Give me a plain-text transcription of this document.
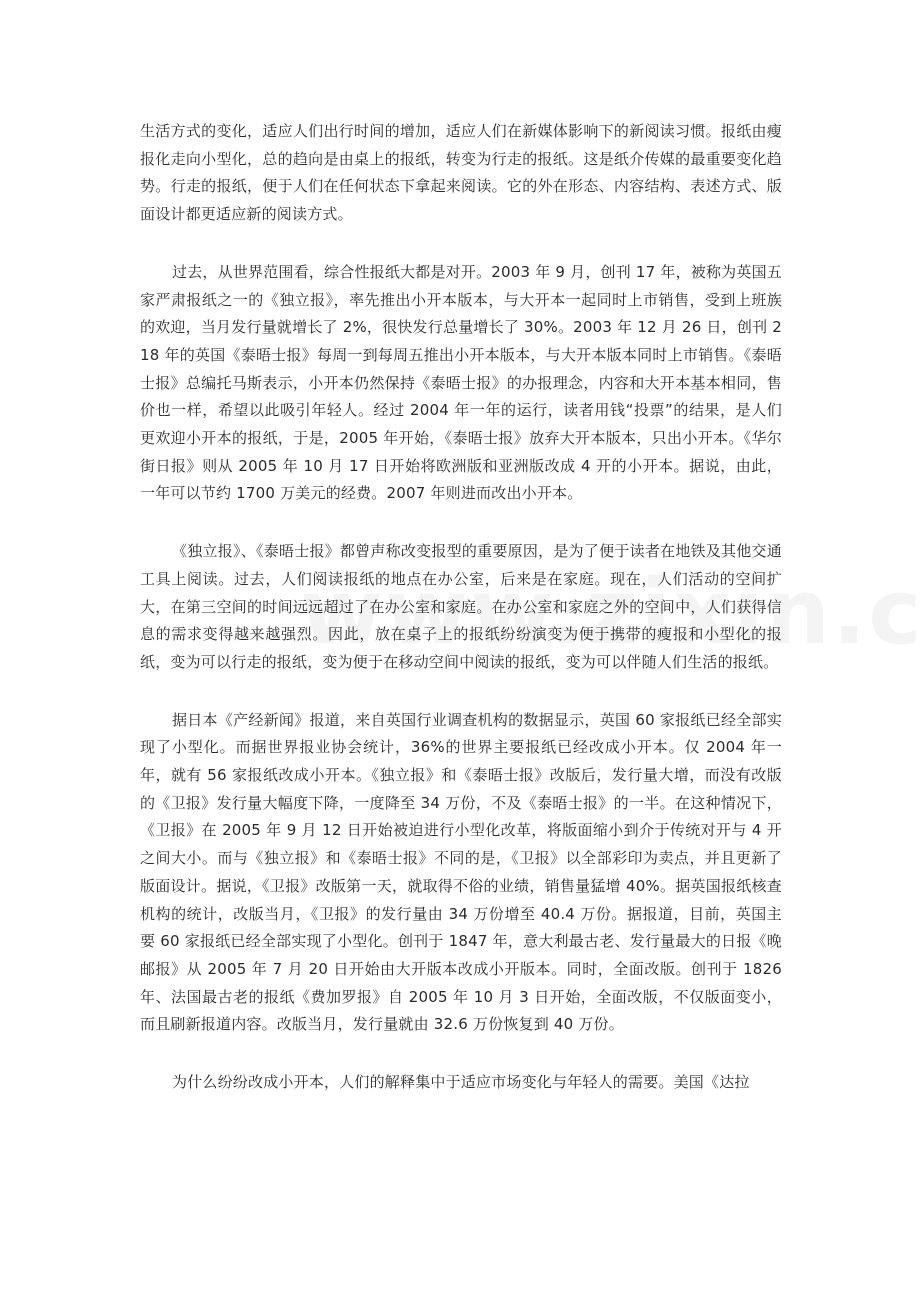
生活方式的变化，适应人们出行时间的增加，适应人们在新媒体影响下的新阅读习惯。报纸由瘦报化走向小型化，总的趋向是由桌上的报纸，转变为行走的报纸。这是纸介传媒的最重要变化趋势。行走的报纸，便于人们在任何状态下拿起来阅读。它的外在形态、内容结构、表述方式、版面设计都更适应新的阅读方式。

过去，从世界范围看，综合性报纸大都是对开。2003 年 9 月，创刊 17 年，被称为英国五家严肃报纸之一的《独立报》，率先推出小开本版本，与大开本一起同时上市销售，受到上班族的欢迎，当月发行量就增长了 2%，很快发行总量增长了 30%。2003 年 12 月 26 日，创刊 218 年的英国《泰晤士报》每周一到每周五推出小开本版本，与大开本版本同时上市销售。《泰晤士报》总编托马斯表示，小开本仍然保持《泰晤士报》的办报理念，内容和大开本基本相同，售价也一样，希望以此吸引年轻人。经过 2004 年一年的运行，读者用钱“投票”的结果，是人们更欢迎小开本的报纸，于是，2005 年开始，《泰晤士报》放弃大开本版本，只出小开本。《华尔街日报》则从 2005 年 10 月 17 日开始将欧洲版和亚洲版改成 4 开的小开本。据说，由此，一年可以节约 1700 万美元的经费。2007 年则进而改出小开本。

《独立报》、《泰晤士报》都曾声称改变报型的重要原因，是为了便于读者在地铁及其他交通工具上阅读。过去，人们阅读报纸的地点在办公室，后来是在家庭。现在，人们活动的空间扩大，在第三空间的时间远远超过了在办公室和家庭。在办公室和家庭之外的空间中，人们获得信息的需求变得越来越强烈。因此，放在桌子上的报纸纷纷演变为便于携带的瘦报和小型化的报纸，变为可以行走的报纸，变为便于在移动空间中阅读的报纸，变为可以伴随人们生活的报纸。

据日本《产经新闻》报道，来自英国行业调查机构的数据显示，英国 60 家报纸已经全部实现了小型化。而据世界报业协会统计，36%的世界主要报纸已经改成小开本。仅 2004 年一年，就有 56 家报纸改成小开本。《独立报》和《泰晤士报》改版后，发行量大增，而没有改版的《卫报》发行量大幅度下降，一度降至 34 万份，不及《泰晤士报》的一半。在这种情况下，《卫报》在 2005 年 9 月 12 日开始被迫进行小型化改革，将版面缩小到介于传统对开与 4 开之间大小。而与《独立报》和《泰晤士报》不同的是，《卫报》以全部彩印为卖点，并且更新了版面设计。据说，《卫报》改版第一天，就取得不俗的业绩，销售量猛增 40%。据英国报纸核查机构的统计，改版当月，《卫报》的发行量由 34 万份增至 40.4 万份。据报道，目前，英国主要 60 家报纸已经全部实现了小型化。创刊于 1847 年，意大利最古老、发行量最大的日报《晚邮报》从 2005 年 7 月 20 日开始由大开版本改成小开版本。同时，全面改版。创刊于 1826 年、法国最古老的报纸《费加罗报》自 2005 年 10 月 3 日开始，全面改版，不仅版面变小，而且刷新报道内容。改版当月，发行量就由 32.6 万份恢复到 40 万份。

为什么纷纷改成小开本，人们的解释集中于适应市场变化与年轻人的需要。美国《达拉
